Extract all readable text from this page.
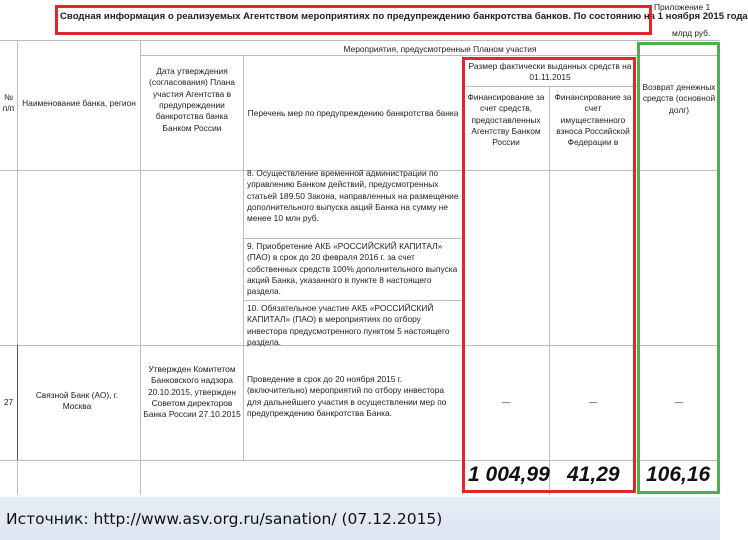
Сводная информация о реализуемых Агентством мероприятиях по предупреждению банкротства банков. По состоянию на 1 ноября 2015 года
Приложение 1
млрд руб.
№ п/п
Наименование банка, регион
Мероприятия, предусмотренные Планом участия
Дата утверждения (согласования) Плана участия Агентства в предупреждении банкротства банка Банком России
Перечень мер по предупреждению банкротства банка
Размер фактически выданных средств на 01.11.2015
Финансирование за счет средств, предоставленных Агентству Банком России
Финансирование за счет имущественного взноса Российской Федерации в
Возврат денежных средств (основной долг)
8. Осуществление временной администрации по управлению Банком действий, предусмотренных статьей 189.50 Закона, направленных на размещение дополнительного выпуска акций Банка на сумму не менее 10 млн руб.
9. Приобретение АКБ «РОССИЙСКИЙ КАПИТАЛ» (ПАО) в срок до 20 февраля 2016 г. за счет собственных средств 100% дополнительного выпуска акций Банка, указанного в пункте 8 настоящего раздела.
10. Обязательное участие АКБ «РОССИЙСКИЙ КАПИТАЛ» (ПАО) в мероприятиях по отбору инвестора предусмотренного пунктом 5 настоящего раздела.
27
Связной Банк (АО), г. Москва
Утвержден Комитетом Банковского надзора 20.10.2015, утвержден Советом директоров Банка России 27.10.2015
Проведение в срок до 20 ноября 2015 г. (включительно) мероприятий по отбору инвестора для дальнейшего участия в осуществлении мер по предупреждению банкротства Банка.
—	—	—
1 004,99 41,29 106,16
Источник: http://www.asv.org.ru/sanation/ (07.12.2015)
